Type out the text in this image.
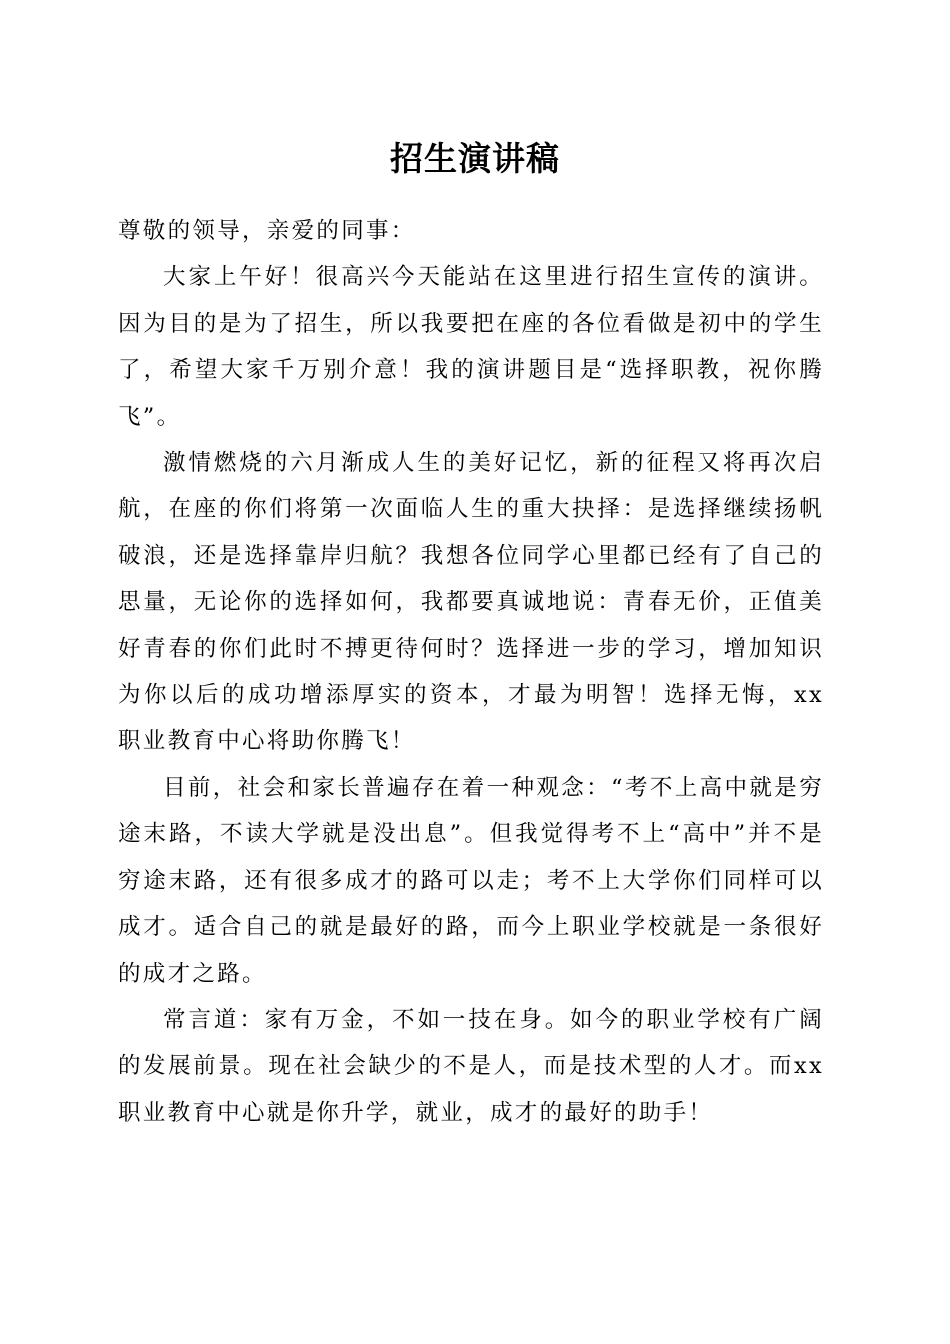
招生演讲稿

尊敬的领导，亲爱的同事：

大家上午好！很高兴今天能站在这里进行招生宣传的演讲。因为目的是为了招生，所以我要把在座的各位看做是初中的学生了，希望大家千万别介意！我的演讲题目是“选择职教，祝你腾飞”。

激情燃烧的六月渐成人生的美好记忆，新的征程又将再次启航，在座的你们将第一次面临人生的重大抉择：是选择继续扬帆破浪，还是选择靠岸归航？我想各位同学心里都已经有了自己的思量，无论你的选择如何，我都要真诚地说：青春无价，正值美好青春的你们此时不搏更待何时？选择进一步的学习，增加知识为你以后的成功增添厚实的资本，才最为明智！选择无悔，xx 职业教育中心将助你腾飞！

目前，社会和家长普遍存在着一种观念：“考不上高中就是穷途末路，不读大学就是没出息”。但我觉得考不上“高中”并不是穷途末路，还有很多成才的路可以走；考不上大学你们同样可以成才。适合自己的就是最好的路，而今上职业学校就是一条很好的成才之路。

常言道：家有万金，不如一技在身。如今的职业学校有广阔的发展前景。现在社会缺少的不是人，而是技术型的人才。而xx 职业教育中心就是你升学，就业，成才的最好的助手！
